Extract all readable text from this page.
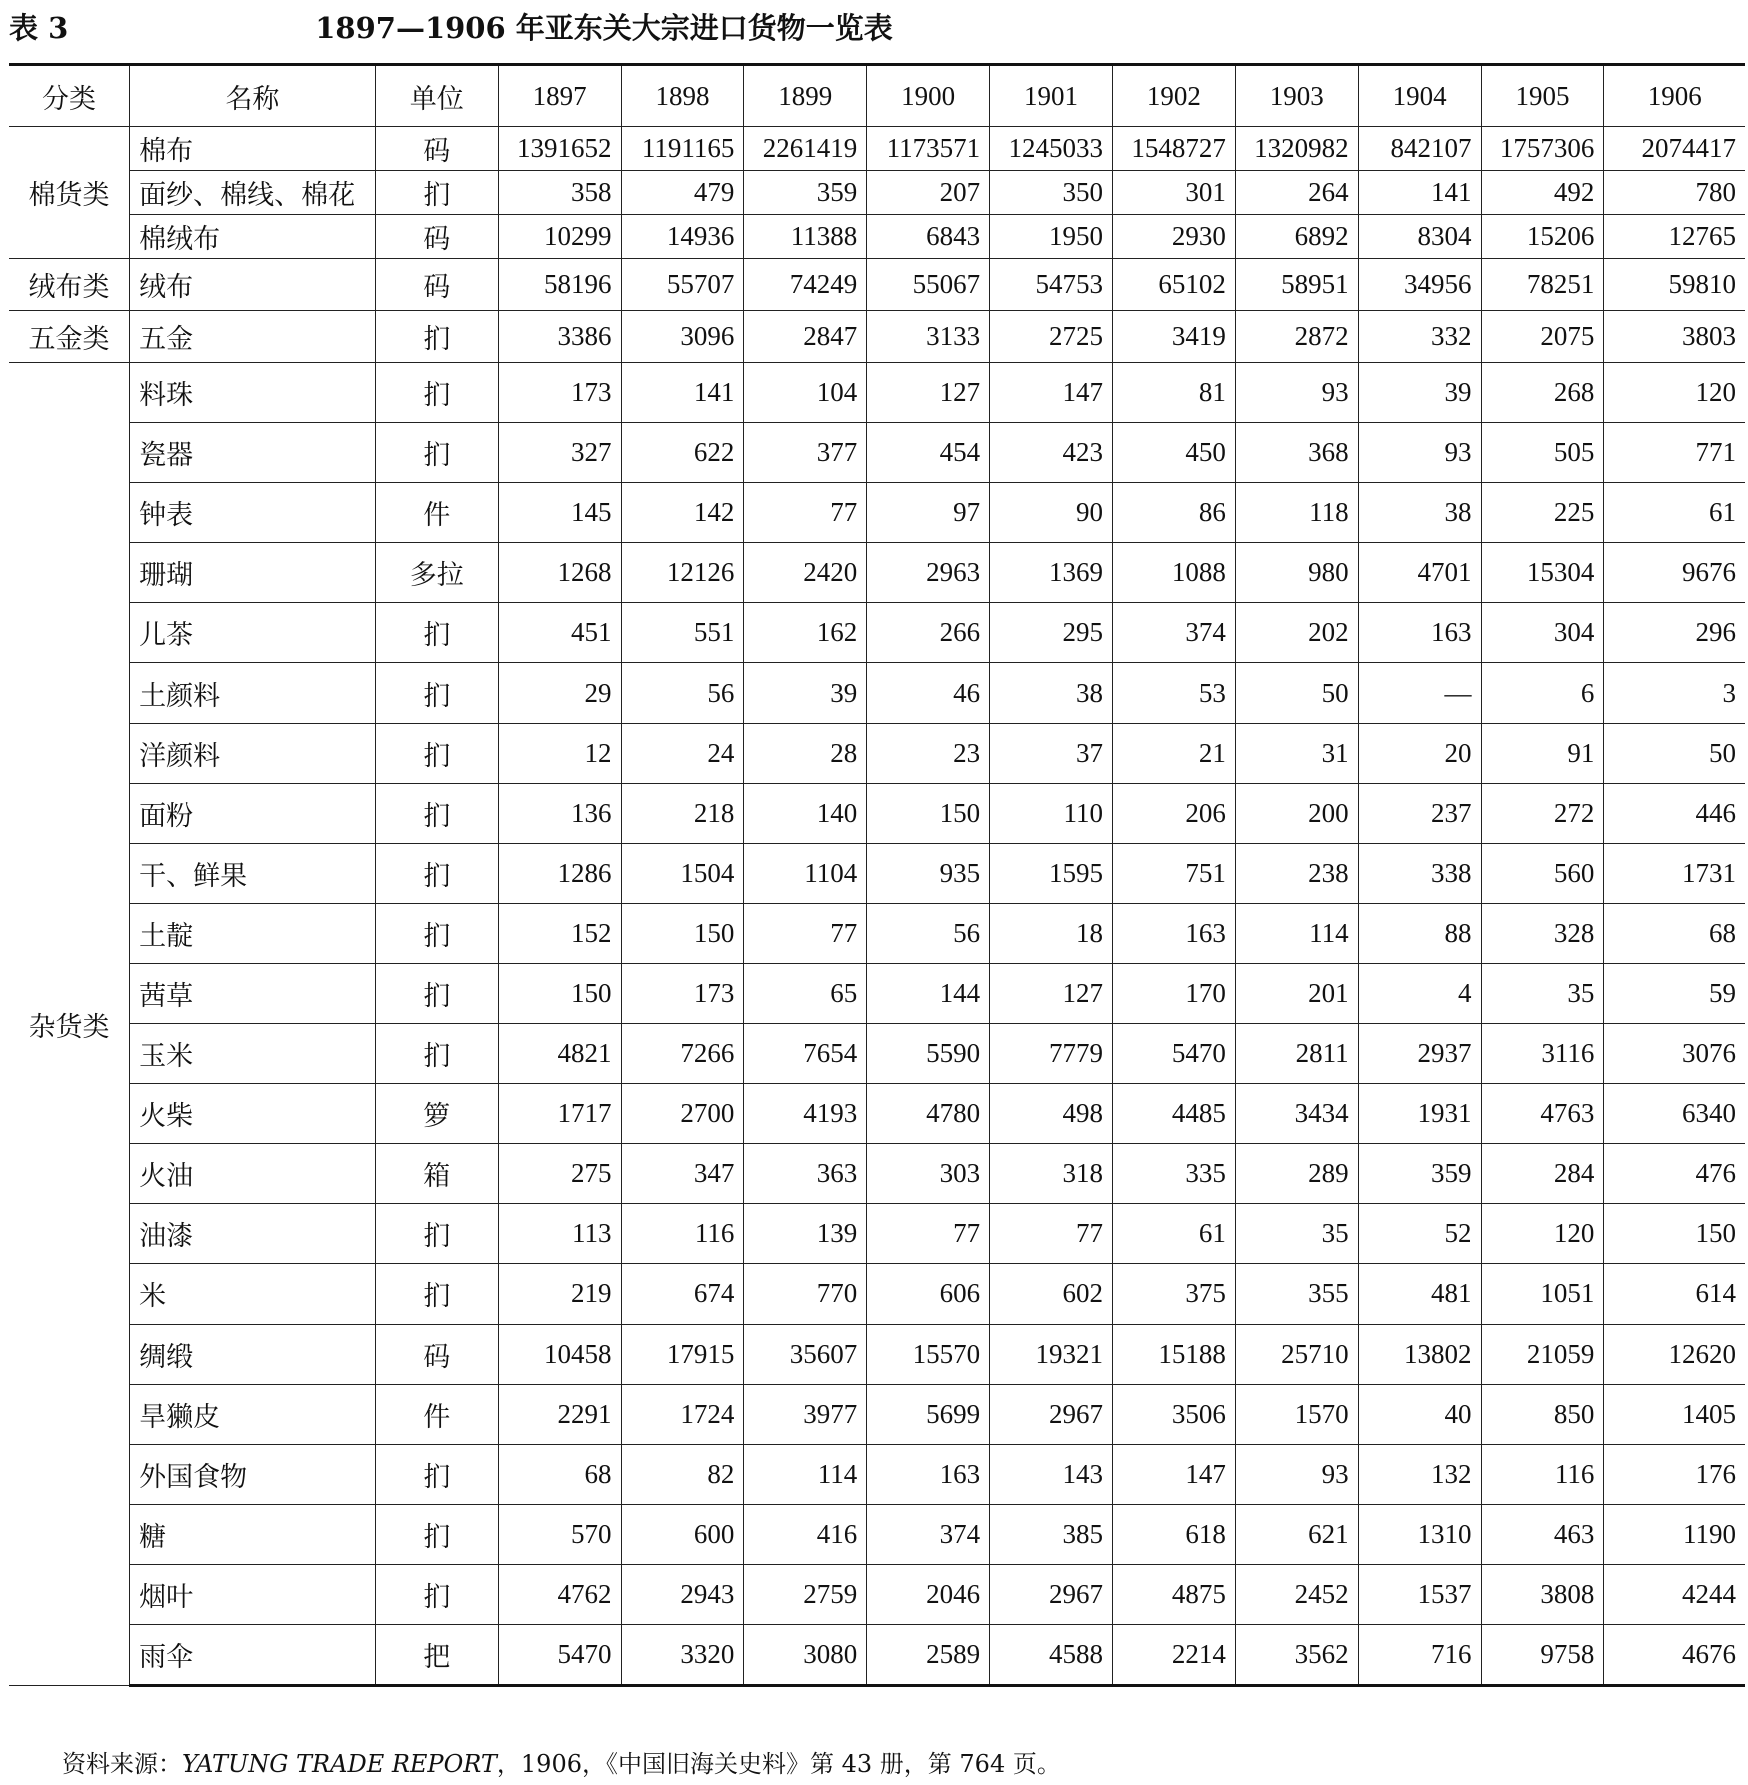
表 3	1897—1906 年亚东关大宗进口货物一览表
分类	名称	单位	1897	1898	1899	1900	1901	1902	1903	1904	1905	1906
棉货类	棉布	码	1391652	1191165	2261419	1173571	1245033	1548727	1320982	842107	1757306	2074417
	面纱、棉线、棉花	扪	358	479	359	207	350	301	264	141	492	780
	棉绒布	码	10299	14936	11388	6843	1950	2930	6892	8304	15206	12765
绒布类	绒布	码	58196	55707	74249	55067	54753	65102	58951	34956	78251	59810
五金类	五金	扪	3386	3096	2847	3133	2725	3419	2872	332	2075	3803
杂货类	料珠	扪	173	141	104	127	147	81	93	39	268	120
	瓷器	扪	327	622	377	454	423	450	368	93	505	771
	钟表	件	145	142	77	97	90	86	118	38	225	61
	珊瑚	多拉	1268	12126	2420	2963	1369	1088	980	4701	15304	9676
	儿茶	扪	451	551	162	266	295	374	202	163	304	296
	土颜料	扪	29	56	39	46	38	53	50	—	6	3
	洋颜料	扪	12	24	28	23	37	21	31	20	91	50
	面粉	扪	136	218	140	150	110	206	200	237	272	446
	干、鲜果	扪	1286	1504	1104	935	1595	751	238	338	560	1731
	土靛	扪	152	150	77	56	18	163	114	88	328	68
	茜草	扪	150	173	65	144	127	170	201	4	35	59
	玉米	扪	4821	7266	7654	5590	7779	5470	2811	2937	3116	3076
	火柴	箩	1717	2700	4193	4780	498	4485	3434	1931	4763	6340
	火油	箱	275	347	363	303	318	335	289	359	284	476
	油漆	扪	113	116	139	77	77	61	35	52	120	150
	米	扪	219	674	770	606	602	375	355	481	1051	614
	绸缎	码	10458	17915	35607	15570	19321	15188	25710	13802	21059	12620
	旱獭皮	件	2291	1724	3977	5699	2967	3506	1570	40	850	1405
	外国食物	扪	68	82	114	163	143	147	93	132	116	176
	糖	扪	570	600	416	374	385	618	621	1310	463	1190
	烟叶	扪	4762	2943	2759	2046	2967	4875	2452	1537	3808	4244
	雨伞	把	5470	3320	3080	2589	4588	2214	3562	716	9758	4676
资料来源：YATUNG TRADE REPORT，1906，《中国旧海关史料》第 43 册，第 764 页。
